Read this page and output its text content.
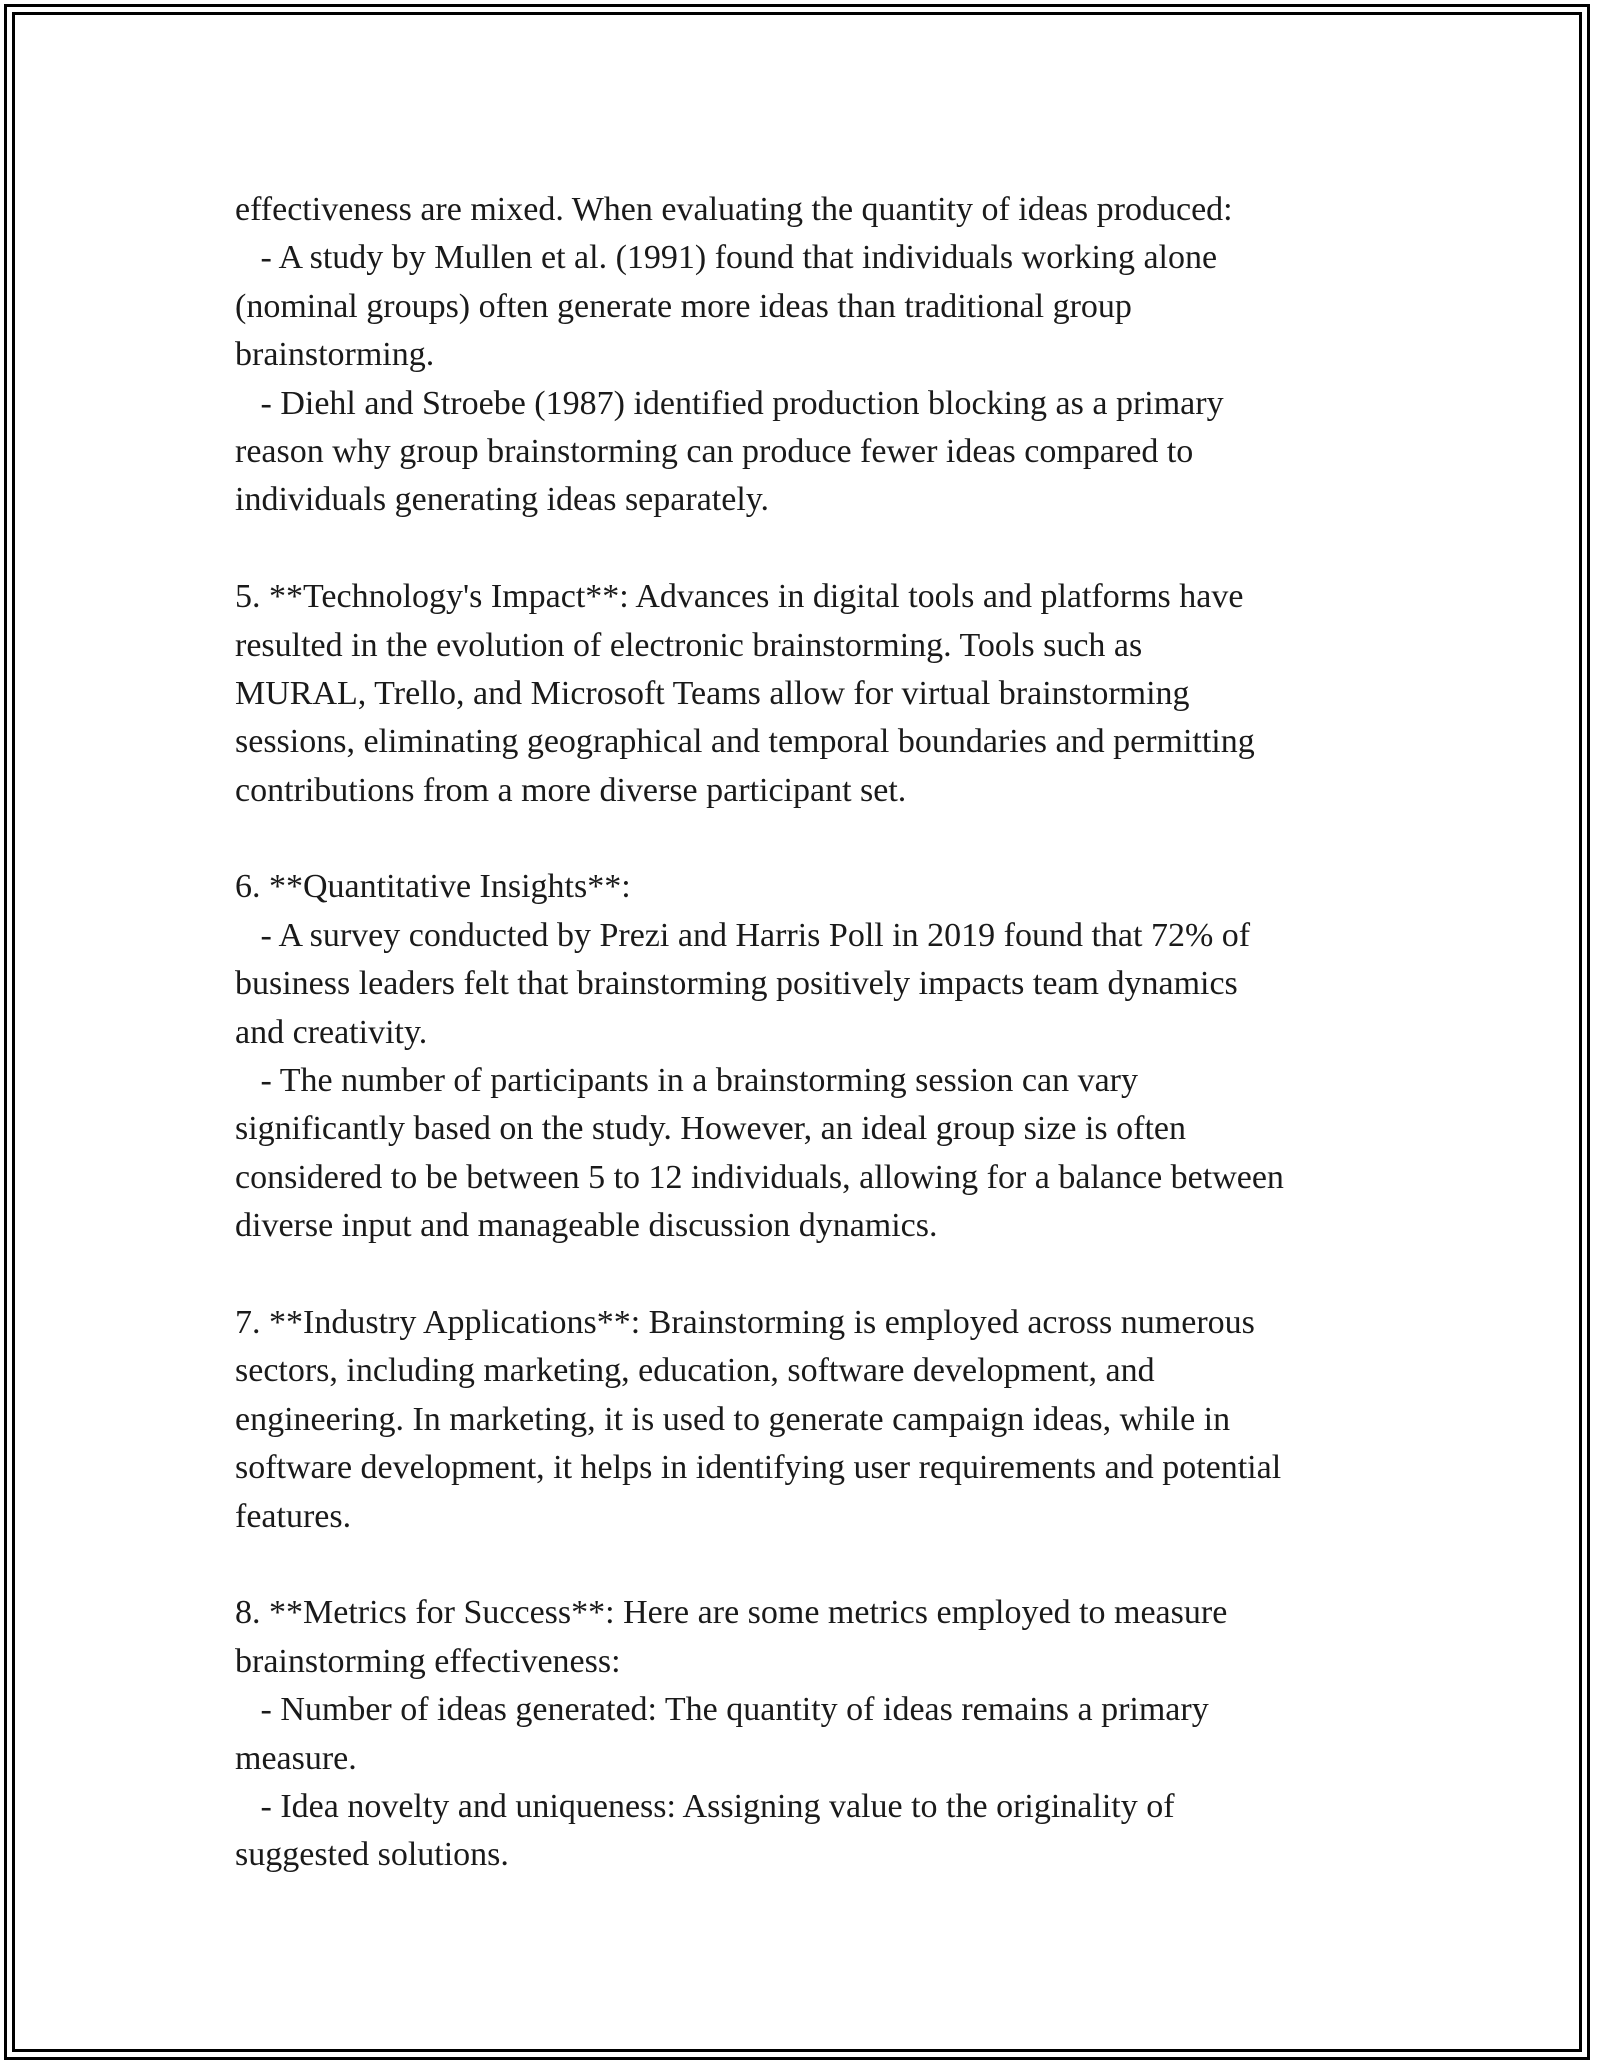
effectiveness are mixed. When evaluating the quantity of ideas produced:
- A study by Mullen et al. (1991) found that individuals working alone
(nominal groups) often generate more ideas than traditional group
brainstorming.
- Diehl and Stroebe (1987) identified production blocking as a primary
reason why group brainstorming can produce fewer ideas compared to
individuals generating ideas separately.
5. **Technology's Impact**: Advances in digital tools and platforms have
resulted in the evolution of electronic brainstorming. Tools such as
MURAL, Trello, and Microsoft Teams allow for virtual brainstorming
sessions, eliminating geographical and temporal boundaries and permitting
contributions from a more diverse participant set.
6. **Quantitative Insights**:
- A survey conducted by Prezi and Harris Poll in 2019 found that 72% of
business leaders felt that brainstorming positively impacts team dynamics
and creativity.
- The number of participants in a brainstorming session can vary
significantly based on the study. However, an ideal group size is often
considered to be between 5 to 12 individuals, allowing for a balance between
diverse input and manageable discussion dynamics.
7. **Industry Applications**: Brainstorming is employed across numerous
sectors, including marketing, education, software development, and
engineering. In marketing, it is used to generate campaign ideas, while in
software development, it helps in identifying user requirements and potential
features.
8. **Metrics for Success**: Here are some metrics employed to measure
brainstorming effectiveness:
- Number of ideas generated: The quantity of ideas remains a primary
measure.
- Idea novelty and uniqueness: Assigning value to the originality of
suggested solutions.
